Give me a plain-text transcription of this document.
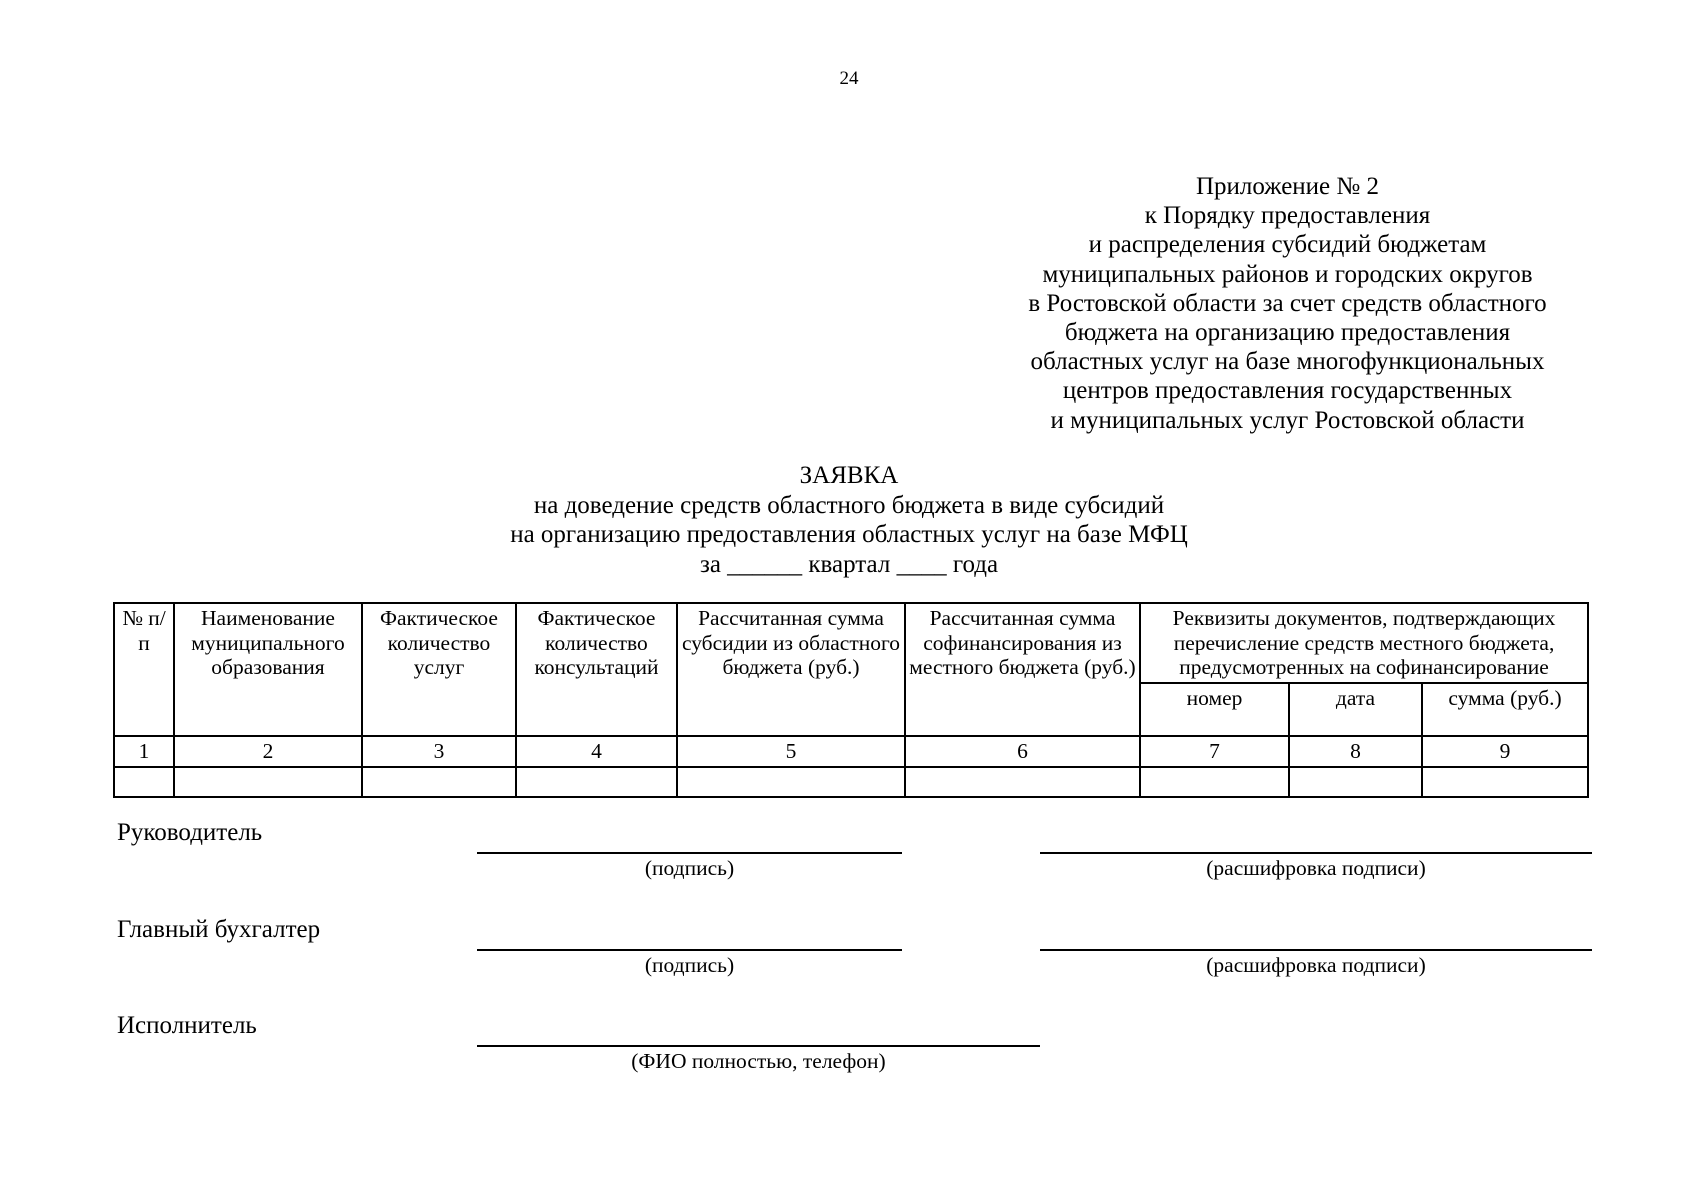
24
Приложение № 2
к Порядку предоставления
и распределения субсидий бюджетам
муниципальных районов и городских округов
в Ростовской области за счет средств областного
бюджета на организацию предоставления
областных услуг на базе многофункциональных
центров предоставления государственных
и муниципальных услуг Ростовской области
ЗАЯВКА
на доведение средств областного бюджета в виде субсидий
на организацию предоставления областных услуг на базе МФЦ
за ______ квартал ____ года
№ п/п	Наименование муниципального образования	Фактическое количество услуг	Фактическое количество консультаций	Рассчитанная сумма субсидии из областного бюджета (руб.)	Рассчитанная сумма софинансирования из местного бюджета (руб.)	Реквизиты документов, подтверждающих перечисление средств местного бюджета, предусмотренных на софинансирование		
						номер	дата	сумма (руб.)
1	2	3	4	5	6	7	8	9

Руководитель
(подпись)	(расшифровка подписи)
Главный бухгалтер
(подпись)	(расшифровка подписи)
Исполнитель
(ФИО полностью, телефон)
